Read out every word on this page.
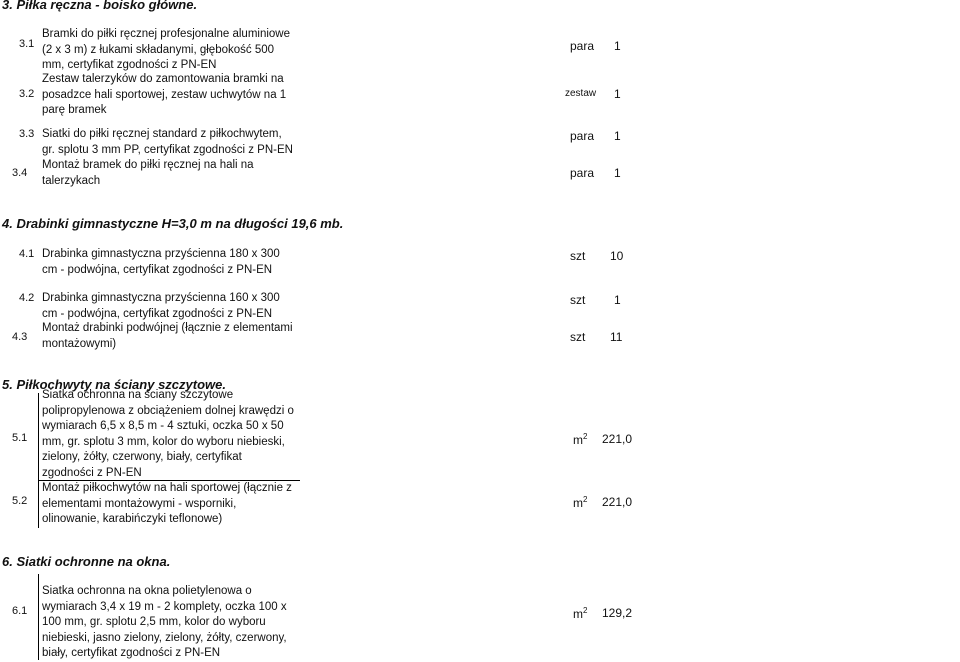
3. Piłka ręczna - boisko główne.
3.1
Bramki do piłki ręcznej profesjonalne aluminiowe
(2 x 3 m) z łukami składanymi, głębokość 500
mm, certyfikat zgodności z PN-EN
para 1
3.2
Zestaw talerzyków do zamontowania bramki na
posadzce hali sportowej, zestaw uchwytów na 1
parę bramek
zestaw 1
3.3 Siatki do piłki ręcznej standard z piłkochwytem,
gr. splotu 3 mm PP, certyfikat zgodności z PN-EN
para 1
3.4
Montaż bramek do piłki ręcznej na hali na
talerzykach
para 1
4. Drabinki gimnastyczne H=3,0 m na długości 19,6 mb.
4.1 Drabinka gimnastyczna przyścienna 180 x 300
cm - podwójna, certyfikat zgodności z PN-EN
szt 10
4.2 Drabinka gimnastyczna przyścienna 160 x 300
cm - podwójna, certyfikat zgodności z PN-EN
szt 1
4.3
Montaż drabinki podwójnej (łącznie z elementami
montażowymi)	szt 11
5. Piłkochwyty na ściany szczytowe.
5.1
Siatka ochronna na ściany szczytowe
polipropylenowa z obciążeniem dolnej krawędzi o
wymiarach 6,5 x 8,5 m - 4 sztuki, oczka 50 x 50
mm, gr. splotu 3 mm, kolor do wyboru niebieski,
zielony, żółty, czerwony, biały, certyfikat
zgodności z PN-EN
$m^2$ 221,0
5.2
Montaż piłkochwytów na hali sportowej (łącznie z
elementami montażowymi - wsporniki,
olinowanie, karabińczyki teflonowe)
$m^2$ 221,0
6. Siatki ochronne na okna.
6.1
Siatka ochronna na okna polietylenowa o
wymiarach 3,4 x 19 m - 2 komplety, oczka 100 x
100 mm, gr. splotu 2,5 mm, kolor do wyboru
niebieski, jasno zielony, zielony, żółty, czerwony,
biały, certyfikat zgodności z PN-EN
$m^2$ 129,2
